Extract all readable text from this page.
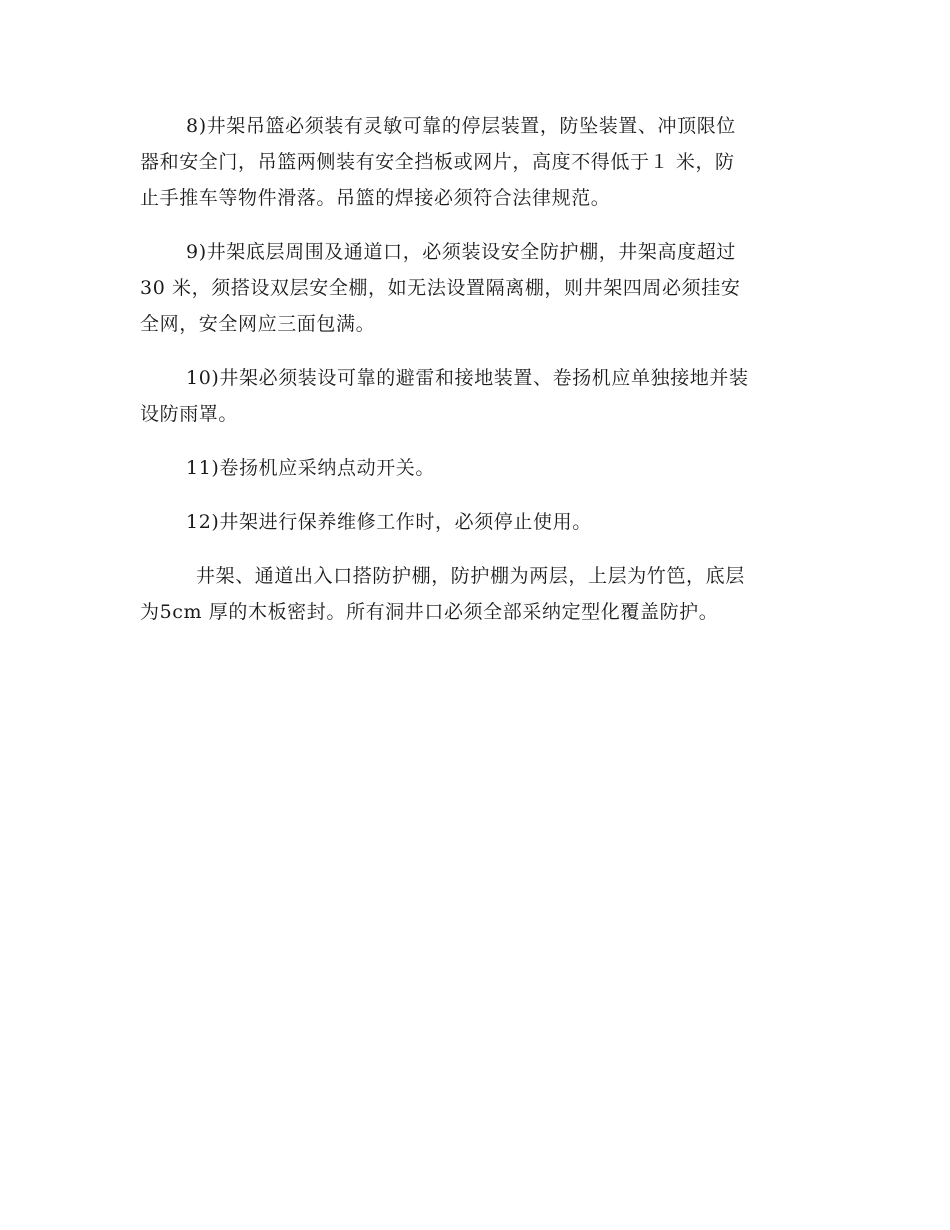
8)井架吊篮必须装有灵敏可靠的停层装置，防坠装置、冲顶限位
器和安全门，吊篮两侧装有安全挡板或网片，高度不得低于１ 米，防
止手推车等物件滑落。吊篮的焊接必须符合法律规范。

9)井架底层周围及通道口，必须装设安全防护棚，井架高度超过
30 米，须搭设双层安全棚，如无法设置隔离棚，则井架四周必须挂安
全网，安全网应三面包满。

10)井架必须装设可靠的避雷和接地装置、卷扬机应单独接地并装
设防雨罩。

11)卷扬机应采纳点动开关。

12)井架进行保养维修工作时，必须停止使用。

井架、通道出入口搭防护棚，防护棚为两层，上层为竹笆，底层
为5cm 厚的木板密封。所有洞井口必须全部采纳定型化覆盖防护。
